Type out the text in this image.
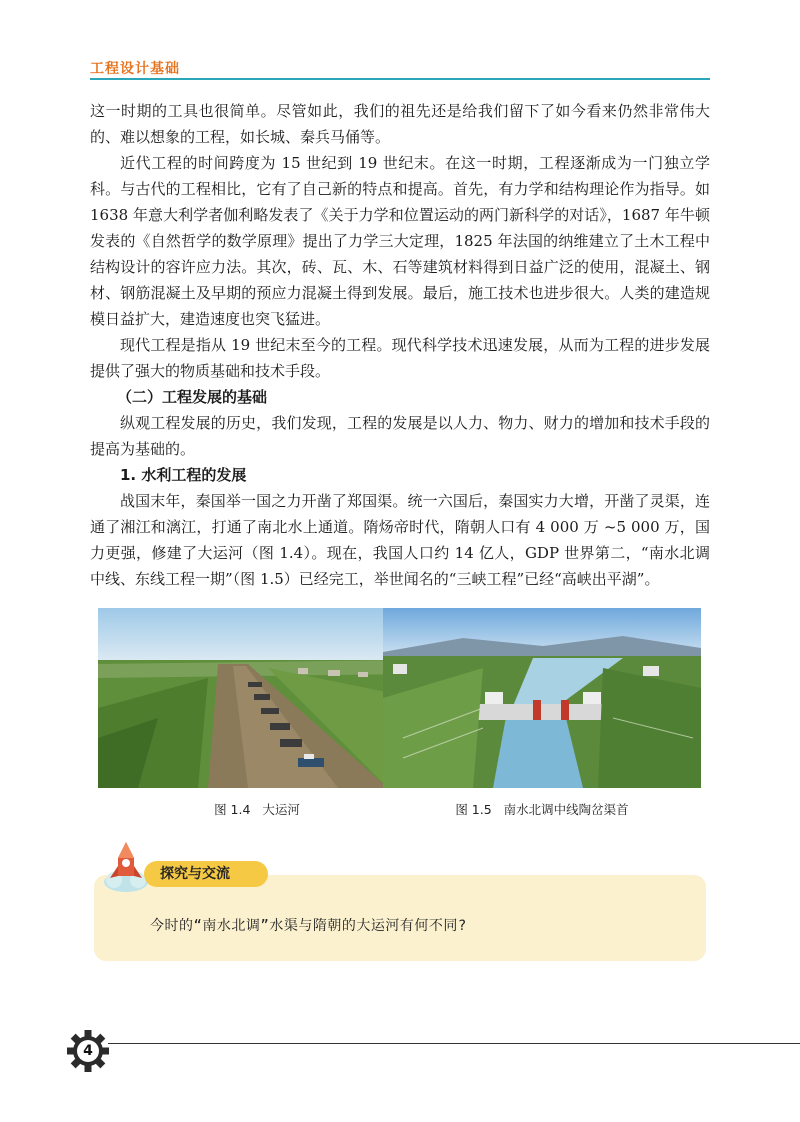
工程设计基础

这一时期的工具也很简单。尽管如此，我们的祖先还是给我们留下了如今看来仍然非常伟大的、难以想象的工程，如长城、秦兵马俑等。

近代工程的时间跨度为 15 世纪到 19 世纪末。在这一时期，工程逐渐成为一门独立学科。与古代的工程相比，它有了自己新的特点和提高。首先，有力学和结构理论作为指导。如 1638 年意大利学者伽利略发表了《关于力学和位置运动的两门新科学的对话》，1687 年牛顿发表的《自然哲学的数学原理》提出了力学三大定理，1825 年法国的纳维建立了土木工程中结构设计的容许应力法。其次，砖、瓦、木、石等建筑材料得到日益广泛的使用，混凝土、钢材、钢筋混凝土及早期的预应力混凝土得到发展。最后，施工技术也进步很大。人类的建造规模日益扩大，建造速度也突飞猛进。

现代工程是指从 19 世纪末至今的工程。现代科学技术迅速发展，从而为工程的进步发展提供了强大的物质基础和技术手段。

（二）工程发展的基础

纵观工程发展的历史，我们发现，工程的发展是以人力、物力、财力的增加和技术手段的提高为基础的。

1. 水利工程的发展

战国末年，秦国举一国之力开凿了郑国渠。统一六国后，秦国实力大增，开凿了灵渠，连通了湘江和漓江，打通了南北水上通道。隋炀帝时代，隋朝人口有 4 000 万 ~5 000 万，国力更强，修建了大运河（图 1.4）。现在，我国人口约 14 亿人，GDP 世界第二，“南水北调中线、东线工程一期”（图 1.5）已经完工，举世闻名的“三峡工程”已经“高峡出平湖”。

图 1.4 大运河	图 1.5 南水北调中线陶岔渠首
探究与交流
今时的“南水北调”水渠与隋朝的大运河有何不同?
4
